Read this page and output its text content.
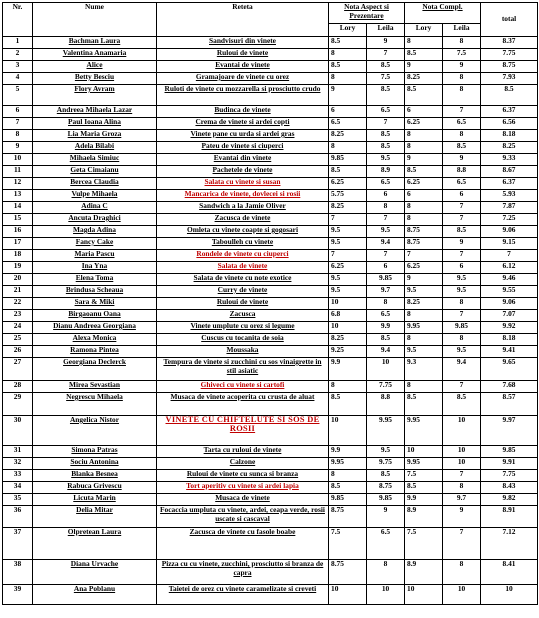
Nr.	Nume	Reteta	Nota Aspect si Prezentare		Nota Compl.		total
			Lory	Leila	Lory	Leila	
1	Bachman Laura	Sandvisuri din vinete	8.5	9	8	8	8.37
2	Valentina Anamaria	Ruloui de vinete	8	7	8.5	7.5	7.75
3	Alice	Evantai de vinete	8.5	8.5	9	9	8.75
4	Betty Besciu	Gramajoare de vinete cu orez	8	7.5	8.25	8	7.93
5	Flory Avram	Ruloti de vinete cu mozzarella si prosciutto crudo	9	8.5	8.5	8	8.5
6	Andreea Mihaela Lazar	Budinca de vinete	6	6.5	6	7	6.37
7	Paul Ioana Alina	Crema de vinete si ardei copti	6.5	7	6.25	6.5	6.56
8	Lia Maria Groza	Vinete pane cu urda si ardei gras	8.25	8.5	8	8	8.18
9	Adela Bilabi	Pateu de vinete si ciuperci	8	8.5	8	8.5	8.25
10	Mihaela Simiuc	Evantai din vinete	9.85	9.5	9	9	9.33
11	Geta Cimaianu	Pachetele de vinete	8.5	8.9	8.5	8.8	8.67
12	Bercea Claudia	Salata cu vinete si susan	6.25	6.5	6.25	6.5	6.37
13	Vulpe Mihaela	Mancarica de vinete, dovlecei si rosii	5.75	6	6	6	5.93
14	Adina C	Sandwich a la Jamie Oliver	8.25	8	8	7	7.87
15	Ancuta Draghici	Zacusca de vinete	7	7	8	7	7.25
16	Magda Adina	Omleta cu vinete coapte si gogosari	9.5	9.5	8.75	8.5	9.06
17	Fancy Cake	Taboulleh cu vinete	9.5	9.4	8.75	9	9.15
18	Maria Pascu	Rondele de vinete cu ciuperci	7	7	7	7	7
19	Ina Yna	Salata de vinete	6.25	6	6.25	6	6.12
20	Elena Toma	Salata de vinete cu note exotice	9.5	9.85	9	9.5	9.46
21	Brindusa Scheaua	Curry de vinete	9.5	9.7	9.5	9.5	9.55
22	Sara & Miki	Ruloui de vinete	10	8	8.25	8	9.06
23	Birgaoanu Oana	Zacusca	6.8	6.5	8	7	7.07
24	Dianu Andreea Georgiana	Vinete umplute cu orez si legume	10	9.9	9.95	9.85	9.92
25	Alexa Monica	Cuscus cu tocanita de soia	8.25	8.5	8	8	8.18
26	Ramona Pintea	Moussaka	9.25	9.4	9.5	9.5	9.41
27	Georgiana Declerck	Tempura de vinete si zucchini cu sos vinaigrette in stil asiatic	9.9	10	9.3	9.4	9.65
28	Mirea Sevastian	Ghiveci cu vinete si cartofi	8	7.75	8	7	7.68
29	Negrescu Mihaela	Musaca de vinete acoperita cu crusta de aluat	8.5	8.8	8.5	8.5	8.57
30	Angelica Nistor	VINETE CU CHIFTELUTE SI SOS DE ROSII	10	9.95	9.95	10	9.97
31	Simona Patras	Tarta cu ruloui de vinete	9.9	9.5	10	10	9.85
32	Sociu Antonina	Calzone	9.95	9.75	9.95	10	9.91
33	Blanka Besnea	Ruloui de vinete cu sunca si branza	8	8.5	7.5	7	7.75
34	Rabuca Grivescu	Tort aperitiv cu vinete si ardei lapia	8.5	8.75	8.5	8	8.43
35	Licuta Marin	Musaca de vinete	9.85	9.85	9.9	9.7	9.82
36	Delia Mitar	Focaccia umpluta cu vinete, ardei, ceapa verde, rosii uscate si cascaval	8.75	9	8.9	9	8.91
37	Olpretean Laura	Zacusca de vinete cu fasole boabe	7.5	6.5	7.5	7	7.12
38	Diana Urvache	Pizza cu cu vinete, zucchini, prosciutto si branza de capra	8.75	8	8.9	8	8.41
39	Ana Poblanu	Taietei de orez cu vinete caramelizate si creveti	10	10	10	10	10
